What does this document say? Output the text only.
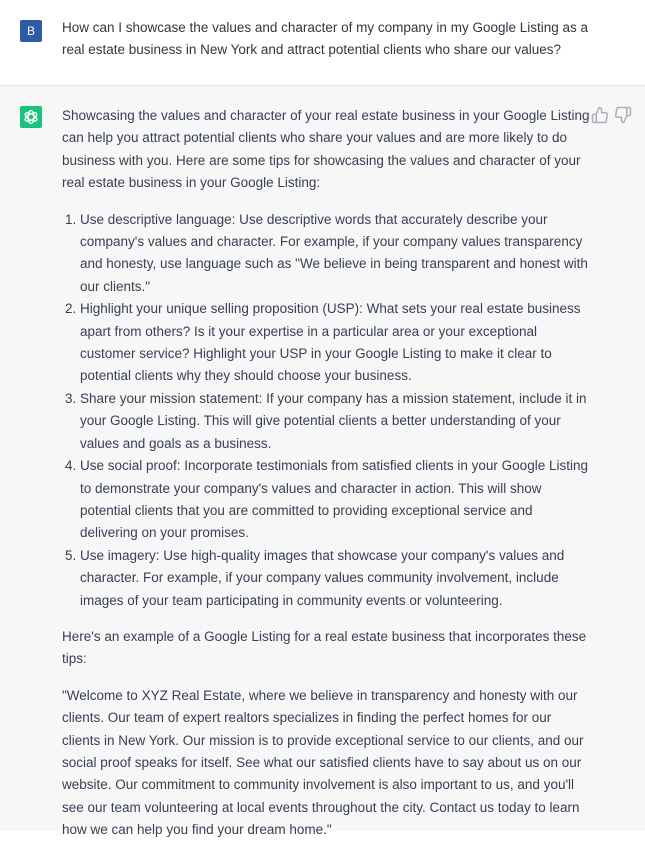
B	How can I showcase the values and character of my company in my Google Listing as a real estate business in New York and attract potential clients who share our values?

Showcasing the values and character of your real estate business in your Google Listing can help you attract potential clients who share your values and are more likely to do business with you. Here are some tips for showcasing the values and character of your real estate business in your Google Listing:

1. Use descriptive language: Use descriptive words that accurately describe your company's values and character. For example, if your company values transparency and honesty, use language such as "We believe in being transparent and honest with our clients."
2. Highlight your unique selling proposition (USP): What sets your real estate business apart from others? Is it your expertise in a particular area or your exceptional customer service? Highlight your USP in your Google Listing to make it clear to potential clients why they should choose your business.
3. Share your mission statement: If your company has a mission statement, include it in your Google Listing. This will give potential clients a better understanding of your values and goals as a business.
4. Use social proof: Incorporate testimonials from satisfied clients in your Google Listing to demonstrate your company's values and character in action. This will show potential clients that you are committed to providing exceptional service and delivering on your promises.
5. Use imagery: Use high-quality images that showcase your company's values and character. For example, if your company values community involvement, include images of your team participating in community events or volunteering.

Here's an example of a Google Listing for a real estate business that incorporates these tips:

"Welcome to XYZ Real Estate, where we believe in transparency and honesty with our clients. Our team of expert realtors specializes in finding the perfect homes for our clients in New York. Our mission is to provide exceptional service to our clients, and our social proof speaks for itself. See what our satisfied clients have to say about us on our website. Our commitment to community involvement is also important to us, and you'll see our team volunteering at local events throughout the city. Contact us today to learn how we can help you find your dream home."
